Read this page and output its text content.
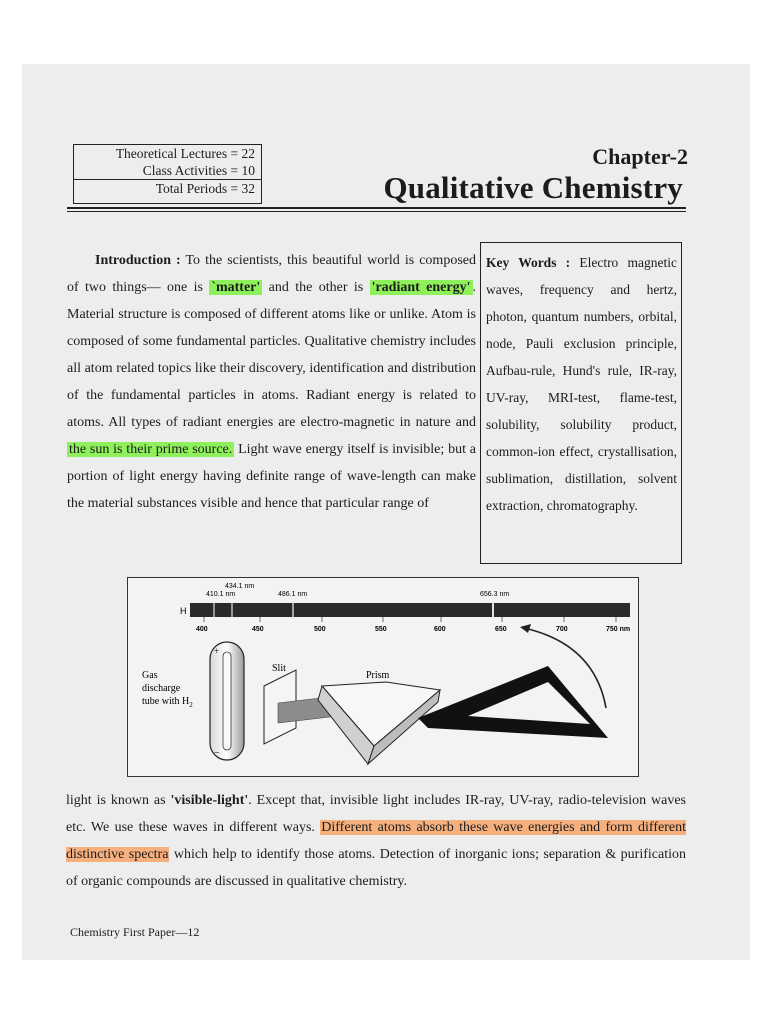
Theoretical Lectures = 22
Class Activities = 10
Total Periods = 32
Chapter-2
Qualitative Chemistry

Introduction : To the scientists, this beautiful world is composed of two things— one is `matter' and the other is 'radiant energy' . Material structure is composed of different atoms like or unlike. Atom is composed of some fundamental particles. Qualitative chemistry includes all atom related topics like their discovery, identification and distribution of the fundamental particles in atoms. Radiant energy is related to atoms. All types of radiant energies are electro-magnetic in nature and the sun is their prime source. Light wave energy itself is invisible; but a portion of light energy having definite range of wave-length can make the material substances visible and hence that particular range of

Key Words : Electro magnetic waves, frequency and hertz, photon, quantum numbers, orbital, node, Pauli exclusion principle, Aufbau-rule, Hund's rule, IR-ray, UV-ray, MRI-test, flame-test, solubility, solubility product, common-ion effect, crystallisation, sublimation, distillation, solvent extraction, chromatography.
434.1 nm
410.1 nm	486.1 nm	656.3 nm
H
400	450	500	550	600	650	700	750 nm
Gas
discharge
tube with $H_2$
+
−
Slit
Prism

light is known as 'visible-light'. Except that, invisible light includes IR-ray, UV-ray, radio-television waves etc. We use these waves in different ways. Different atoms absorb these wave energies and form different distinctive spectra which help to identify those atoms. Detection of inorganic ions; separation & purification of organic compounds are discussed in qualitative chemistry.

Chemistry First Paper—12
